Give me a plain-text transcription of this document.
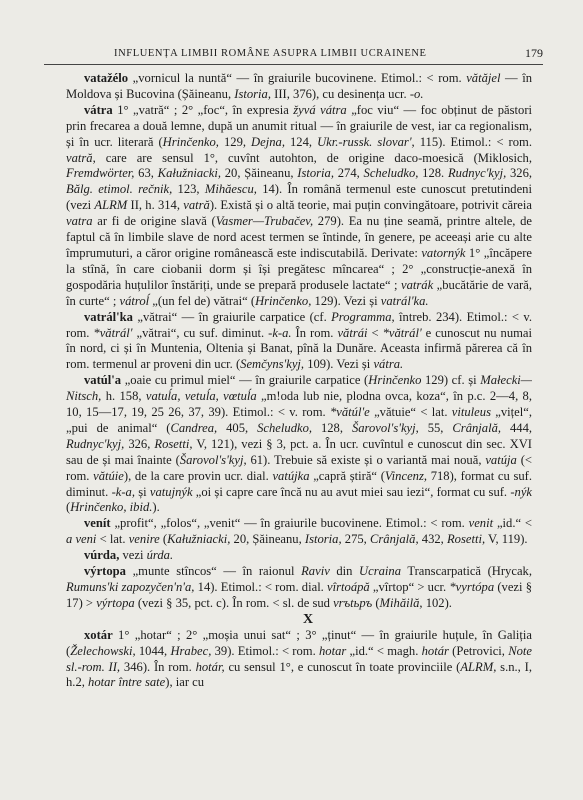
INFLUENȚA LIMBII ROMÂNE ASUPRA LIMBII UCRAINENE	179

vatažélo „vornicul la nuntă“ — în graiurile bucovinene. Etimol.: < rom. vătăjel — în Moldova și Bucovina (Șăineanu, Istoria, III, 376), cu desinența ucr. -o.

vátra 1° „vatră“ ; 2° „foc“, în expresia žyvá vátra „foc viu“ — foc obținut de păstori prin frecarea a două lemne, după un anumit ritual — în graiurile de vest, iar ca regionalism, și în ucr. literară (Hrinčenko, 129, Dejna, 124, Ukr.-russk. slovar', 115). Etimol.: < rom. vatră, care are sensul 1°, cuvînt autohton, de origine daco-moesică (Miklosich, Fremdwörter, 63, Kałužniacki, 20, Șăineanu, Istoria, 274, Scheludko, 128. Rudnyc'kyj, 326, Bălg. etimol. rečnik, 123, Mihăescu, 14). În română termenul este cunoscut pretutindeni (vezi ALRM II, h. 314, vatră). Există și o altă teorie, mai puțin convingătoare, potrivit căreia vatra ar fi de origine slavă (Vasmer—Trubačev, 279). Ea nu ține seamă, printre altele, de faptul că în limbile slave de nord acest termen se întinde, în genere, pe aceeași arie cu alte împrumuturi, a căror origine românească este indiscutabilă. Derivate: vatornýk 1° „încăpere la stînă, în care ciobanii dorm și își pregătesc mîncarea“ ; 2° „construcție-anexă în gospodăria huțulilor înstăriți, unde se prepară produsele lactate“ ; vatrák „bucătărie de vară, în curte“ ; vátroĺ „(un fel de) vătrai“ (Hrinčenko, 129). Vezi și vatrál'ka.

vatrál'ka „vătrai“ — în graiurile carpatice (cf. Programma, întreb. 234). Etimol.: < v. rom. *vătrál' „vătrai“, cu suf. diminut. -k-a. În rom. vătrái < *vătrál' e cunoscut nu numai în nord, ci și în Muntenia, Oltenia și Banat, pînă la Dunăre. Aceasta infirmă părerea că în rom. termenul ar proveni din ucr. (Semčyns'kyj, 109). Vezi și vátra.

vatúl'a „oaie cu primul miel“ — în graiurile carpatice (Hrinčenko 129) cf. și Małecki—Nitsch, h. 158, vatuĺa, vetuĺa, vœtuĺa „m!oda lub nie, plodna ovca, koza“, în p.c. 2—4, 8, 10, 15—17, 19, 25 26, 37, 39). Etimol.: < v. rom. *vătúl'e „vătuie“ < lat. vituleus „vițel“, „pui de animal“ (Candrea, 405, Scheludko, 128, Šarovol's'kyj, 55, Crânjală, 444, Rudnyc'kyj, 326, Rosetti, V, 121), vezi § 3, pct. a. În ucr. cuvîntul e cunoscut din sec. XVI sau de și mai înainte (Šarovol's'kyj, 61). Trebuie să existe și o variantă mai nouă, vatúja (< rom. vătúie), de la care provin ucr. dial. vatújka „capră știră“ (Vincenz, 718), format cu suf. diminut. -k-a, și vatujnýk „oi și capre care încă nu au avut miei sau iezi“, format cu suf. -nýk (Hrinčenko, ibid.).

venít „profit“, „folos“, „venit“ — în graiurile bucovinene. Etimol.: < rom. venit „id.“ < a veni < lat. venire (Kałužniacki, 20, Șăineanu, Istoria, 275, Crânjală, 432, Rosetti, V, 119).

vúrda, vezi úrda.

výrtopa „munte stîncos“ — în raionul Raviv din Ucraina Transcarpatică (Hrycak, Rumuns'ki zapozyčen'n'a, 14). Etimol.: < rom. dial. vîrtoápă „vîrtop“ > ucr. *vyrtópa (vezi § 17) > výrtopa (vezi § 35, pct. c). În rom. < sl. de sud vrъtьръ (Mihăilă, 102).

X

xotár 1° „hotar“ ; 2° „moșia unui sat“ ; 3° „ținut“ — în graiurile huțule, în Galiția (Želechowski, 1044, Hrabec, 39). Etimol.: < rom. hotar „id.“ < magh. hotár (Petrovici, Note sl.-rom. II, 346). În rom. hotár, cu sensul 1°, e cunoscut în toate provinciile (ALRM, s.n., I, h.2, hotar între sate), iar cu
